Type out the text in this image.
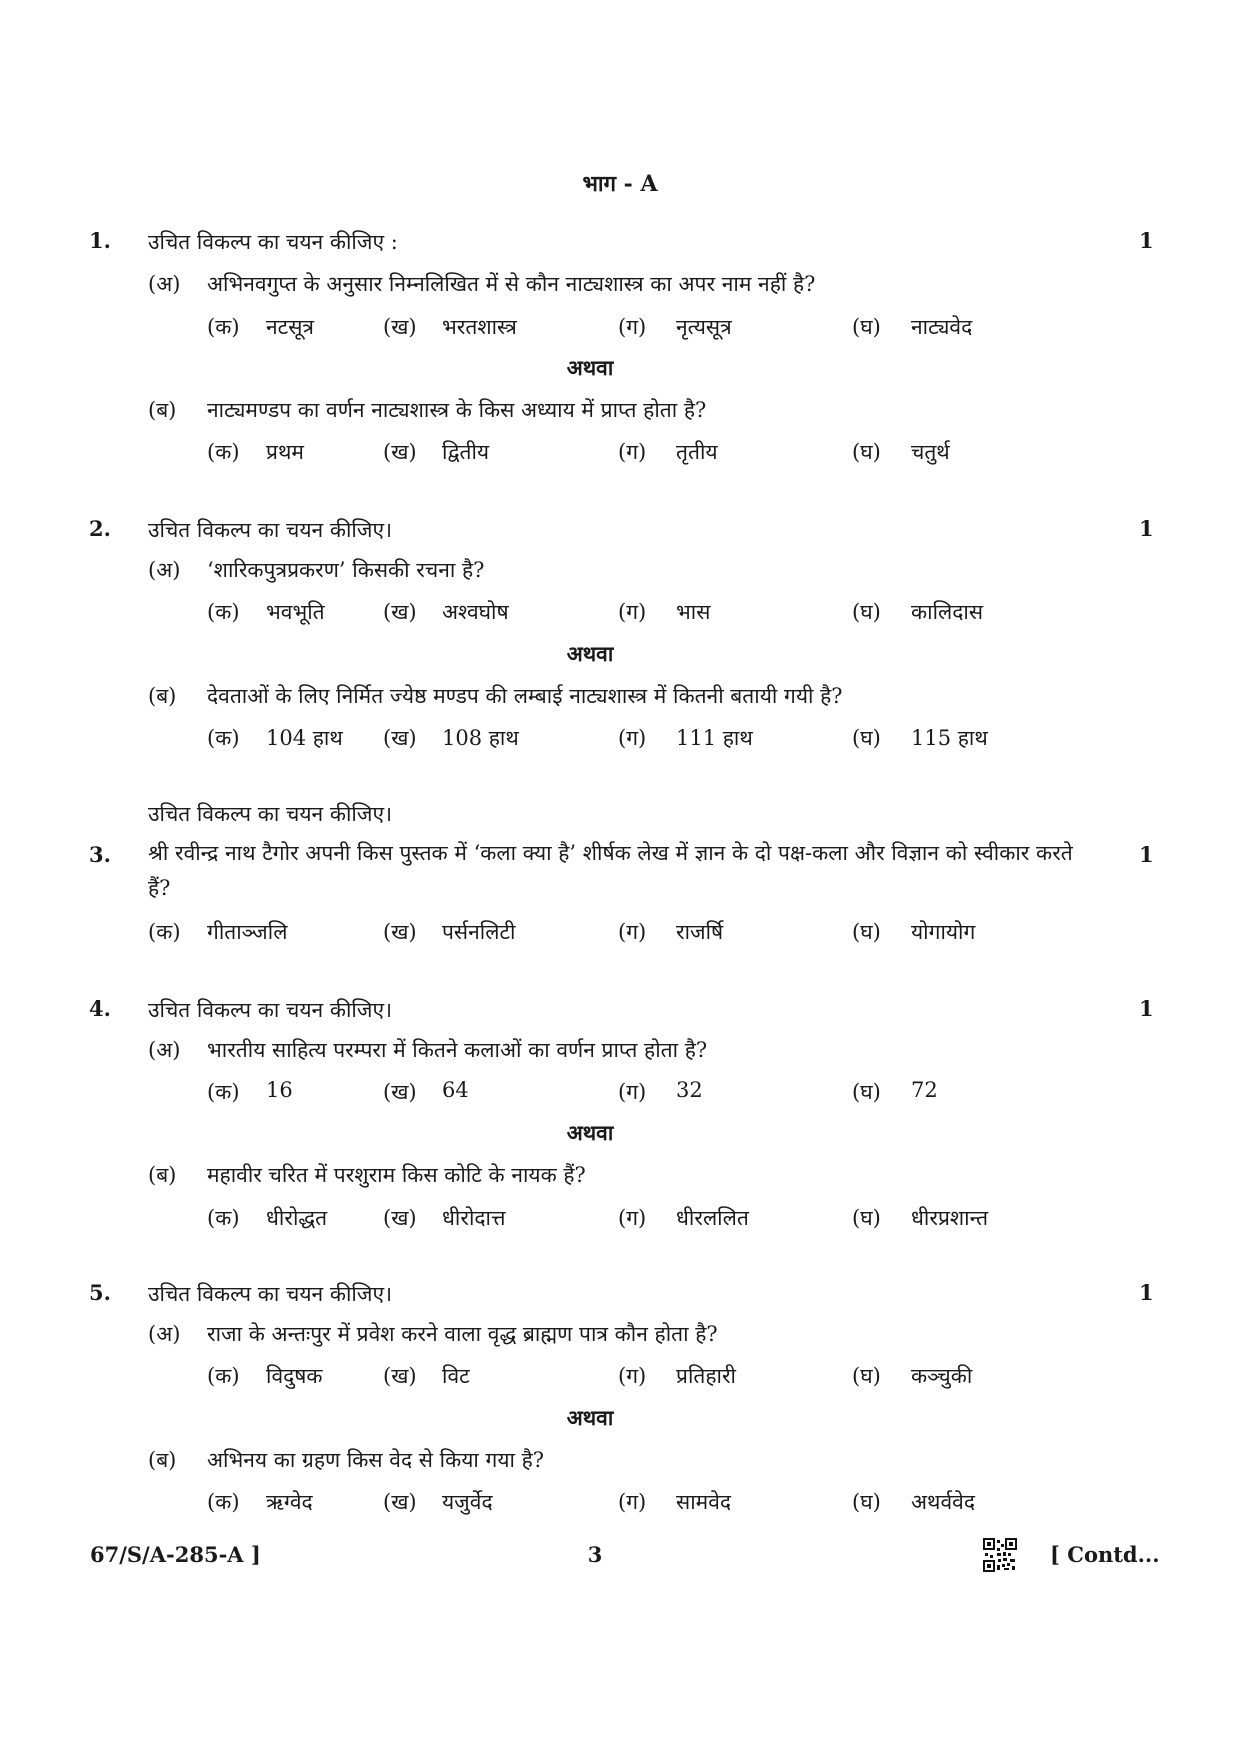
भाग - A
1. उचित विकल्प का चयन कीजिए :	1
(अ) अभिनवगुप्त के अनुसार निम्नलिखित में से कौन नाट्यशास्त्र का अपर नाम नहीं है?
(क) नटसूत्र	(ख) भरतशास्त्र	(ग) नृत्यसूत्र	(घ) नाट्यवेद
अथवा
(ब) नाट्यमण्डप का वर्णन नाट्यशास्त्र के किस अध्याय में प्राप्त होता है?
(क) प्रथम	(ख) द्वितीय	(ग) तृतीय	(घ) चतुर्थ
2. उचित विकल्प का चयन कीजिए।	1
(अ) ‘शारिकपुत्रप्रकरण’ किसकी रचना है?
(क) भवभूति	(ख) अश्वघोष	(ग) भास	(घ) कालिदास
अथवा
(ब) देवताओं के लिए निर्मित ज्येष्ठ मण्डप की लम्बाई नाट्यशास्त्र में कितनी बतायी गयी है?
(क) 104 हाथ (ख) 108 हाथ	(ग) 111 हाथ	(घ) 115 हाथ
उचित विकल्प का चयन कीजिए।
3. श्री रवीन्द्र नाथ टैगोर अपनी किस पुस्तक में ‘कला क्या है’ शीर्षक लेख में ज्ञान के दो पक्ष-कला और विज्ञान को स्वीकार करते हैं?
1
(क) गीताञ्जलि	(ख) पर्सनलिटी	(ग) राजर्षि	(घ) योगायोग
4. उचित विकल्प का चयन कीजिए।	1
(अ) भारतीय साहित्य परम्परा में कितने कलाओं का वर्णन प्राप्त होता है?
(क) 16	(ख) 64	(ग) 32	(घ) 72
अथवा
(ब) महावीर चरित में परशुराम किस कोटि के नायक हैं?
(क) धीरोद्धत	(ख) धीरोदात्त	(ग) धीरललित	(घ) धीरप्रशान्त
5. उचित विकल्प का चयन कीजिए।	1
(अ) राजा के अन्तःपुर में प्रवेश करने वाला वृद्ध ब्राह्मण पात्र कौन होता है?
(क) विदुषक	(ख) विट	(ग) प्रतिहारी	(घ) कञ्चुकी
अथवा
(ब) अभिनय का ग्रहण किस वेद से किया गया है?
(क) ऋग्वेद	(ख) यजुर्वेद	(ग) सामवेद	(घ) अथर्ववेद
67/S/A-285-A ]	3	[ Contd...
